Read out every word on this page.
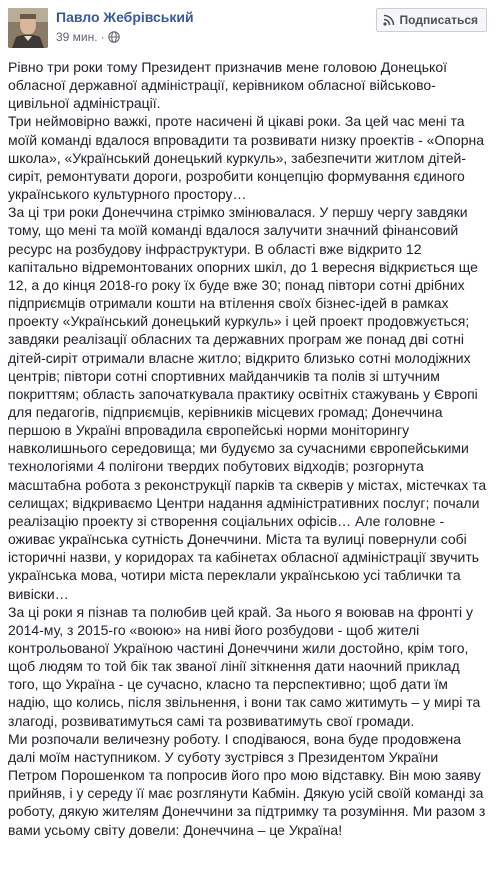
Павло Жебрівський
39 мин. ·
Подписаться

Рівно три роки тому Президент призначив мене головою Донецької обласної державної адміністрації, керівником обласної військово-цивільної адміністрації.

Три неймовірно важкі, проте насичені й цікаві роки. За цей час мені та моїй команді вдалося впровадити та розвивати низку проектів - «Опорна школа», «Український донецький куркуль», забезпечити житлом дітей-сиріт, ремонтувати дороги, розробити концепцію формування єдиного українського культурного простору…

За ці три роки Донеччина стрімко змінювалася. У першу чергу завдяки тому, що мені та моїй команді вдалося залучити значний фінансовий ресурс на розбудову інфраструктури. В області вже відкрито 12 капітально відремонтованих опорних шкіл, до 1 вересня відкриється ще 12, а до кінця 2018-го року їх буде вже 30; понад півтори сотні дрібних підприємців отримали кошти на втілення своїх бізнес-ідей в рамках проекту «Український донецький куркуль» і цей проект продовжується; завдяки реалізації обласних та державних програм же понад дві сотні дітей-сиріт отримали власне житло; відкрито близько сотні молодіжних центрів; півтори сотні спортивних майданчиків та полів зі штучним покриттям; область започаткувала практику освітніх стажувань у Європі для педагогів, підприємців, керівників місцевих громад; Донеччина першою в Україні впровадила європейські норми моніторингу навколишнього середовища; ми будуємо за сучасними європейськими технологіями 4 полігони твердих побутових відходів; розгорнута масштабна робота з реконструкції парків та скверів у містах, містечках та селищах; відкриваємо Центри надання адміністративних послуг; почали реалізацію проекту зі створення соціальних офісів… Але головне - оживає українська сутність Донеччини. Міста та вулиці повернули собі історичні назви, у коридорах та кабінетах обласної адміністрації звучить українська мова, чотири міста переклали українською усі таблички та вивіски…

За ці роки я пізнав та полюбив цей край. За нього я воював на фронті у 2014-му, з 2015-го «воюю» на ниві його розбудови - щоб жителі контрольованої Україною частині Донеччини жили достойно, крім того, щоб людям то той бік так званої лінії зіткнення дати наочний приклад того, що Україна - це сучасно, класно та перспективно; щоб дати їм надію, що колись, після звільнення, і вони так само житимуть – у мирі та злагоді, розвиватимуться самі та розвиватимуть свої громади.

Ми розпочали величезну роботу. І сподіваюся, вона буде продовжена далі моїм наступником. У суботу зустрівся з Президентом України Петром Порошенком та попросив його про мою відставку. Він мою заяву прийняв, і у середу її має розглянути Кабмін. Дякую усій своїй команді за роботу, дякую жителям Донеччини за підтримку та розуміння. Ми разом з вами усьому світу довели: Донеччина – це Україна!
